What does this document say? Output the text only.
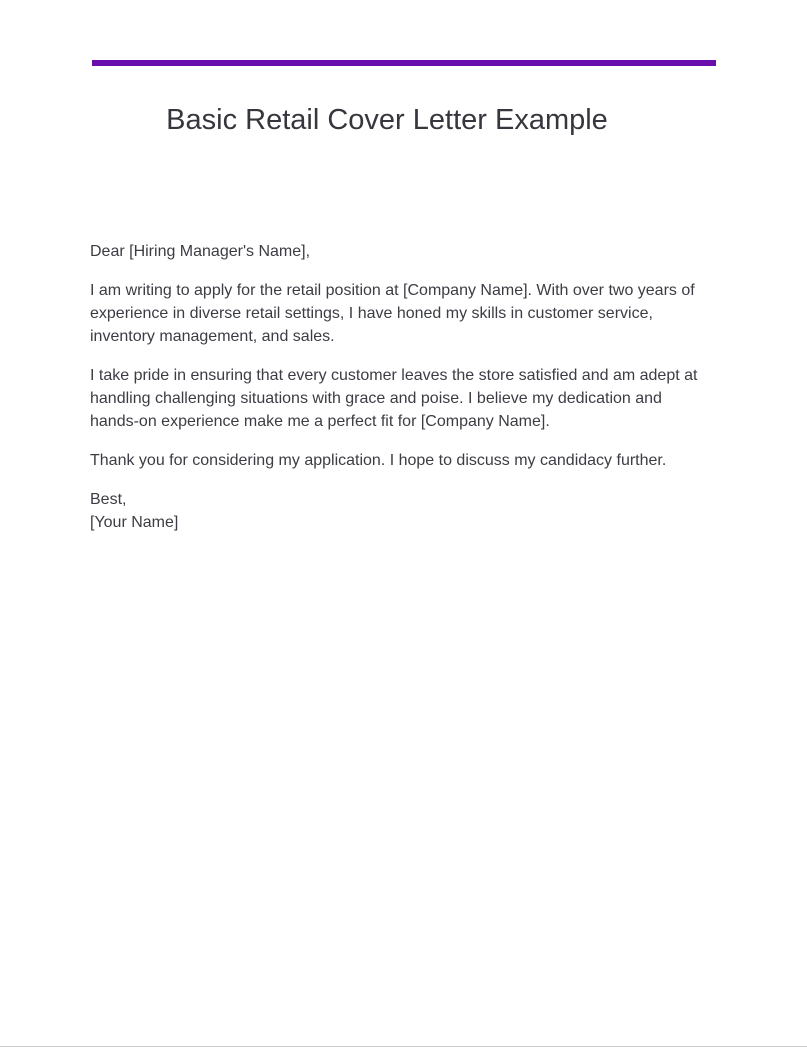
Basic Retail Cover Letter Example

Dear [Hiring Manager's Name],

I am writing to apply for the retail position at [Company Name]. With over two years of experience in diverse retail settings, I have honed my skills in customer service, inventory management, and sales.

I take pride in ensuring that every customer leaves the store satisfied and am adept at handling challenging situations with grace and poise. I believe my dedication and hands-on experience make me a perfect fit for [Company Name].

Thank you for considering my application. I hope to discuss my candidacy further.

Best,

[Your Name]
